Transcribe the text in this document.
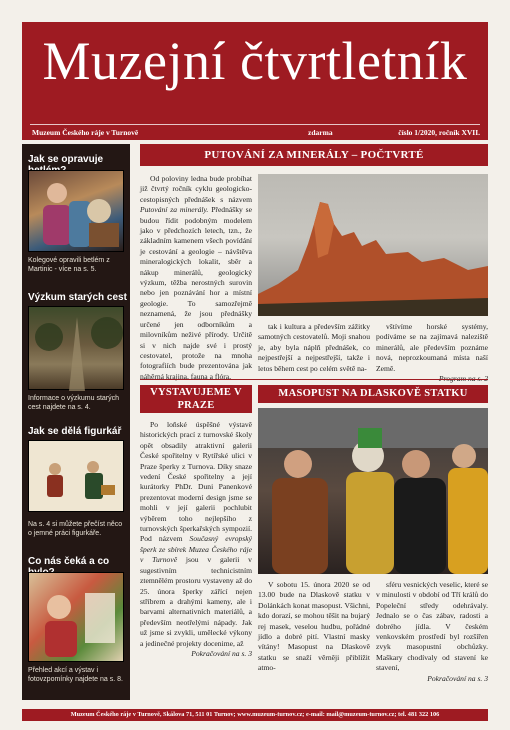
Muzejní čtvrtletník
Muzeum Českého ráje v Turnově	zdarma	číslo 1/2020, ročník XVII.
Jak se opravuje
Kolegové opravili betlém z Martinic - více na s. 5.
Výzkum starých cest
Informace o výzkumu starých cest najdete na s. 4.
Jak se dělá figurkář
Na s. 4 si můžete přečíst něco o jemné práci figurkáře.
Co nás čeká a co
Přehled akcí a výstav i fotovzpomínky najdete na s. 8.
PUTOVÁNÍ ZA MINERÁLY – POČTVRTÉ

Od poloviny ledna bude probíhat již čtvrtý ročník cyklu geologicko-cestopisných přednášek s názvem Putování za minerály. Přednášky se budou řídit podobným modelem jako v předchozích letech, tzn., že základním kamenem všech povídání je cestování a geologie – návštěva mineralogických lokalit, sběr a nákup minerálů, geologický výzkum, těžba nerostných surovin nebo jen poznávání hor a místní geologie. To samozřejmě neznamená, že jsou přednášky určené jen odborníkům a milovníkům neživé přírody. Určitě si v nich najde své i prostý cestovatel, protože na mnoha fotografiích bude prezentována jak náhěrná krajina, fauna a flóra,

tak i kultura a především zážitky samotných cestovatelů. Moji snahou je, aby byla náplň přednášek, co nejpestřejší a nejpestřejší, takže i letos během cest po celém světě na-

vštívíme horské systémy, podíváme se na zajímavá naleziště minerálů, ale především poznáme nová, neprozkoumaná místa naší Země.

Program na s. 2

VYSTAVUJEME V PRAZE

Po loňské úspěšné výstavě historických prací z turnovské školy opět obsadily atraktivní galerii České spořitelny v Rytířské ulici v Praze šperky z Turnova. Díky snaze vedení České spořitelny a její kurátorky PhDr. Duni Panenkové prezentovat moderní design jsme se mohli v její galerii pochlubit výběrem toho nejlepšího z turnovských šperkařských sympozií. Pod názvem Současný evropský šperk ze sbírek Muzea Českého ráje v Turnově jsou v galerii v sugestivním technicistním ztemnělém prostoru vystaveny až do 25. února šperky zářící nejen stříbrem a drahými kameny, ale i barvami alternativních materiálů, a především neotřelými nápady. Jak už jsme si zvykli, umělecké výkony a jedinečné projekty docenime, až

Pokračování na s. 3

MASOPUST NA DLASKOVĚ STATKU

V sobotu 15. února 2020 se od 13.00 bude na Dlaskově statku v Dolánkách konat masopust. Všichni, kdo dorazí, se mohou těšit na bujarý rej masek, veselou hudbu, pořádné jídlo a dobré pití. Vlastní masky vítány! Masopust na Dlaskově statku se snaží věrněji přiblížit atmo-

sféru vesnických veselic, které se v minulosti v období od Tří králů do Popeleční středy odehrávaly. Jednalo se o čas zábav, radosti a dobrého jídla. V českém venkovském prostředí byl rozšířen zvyk masopustní obchůzky. Maškary chodívaly od stavení ke stavení,

Pokračování na s. 3

Muzeum Českého ráje v Turnově, Skálova 71, 511 01 Turnov; www.muzeum-turnov.cz; e-mail: mail@muzeum-turnov.cz; tel. 481 322 106
